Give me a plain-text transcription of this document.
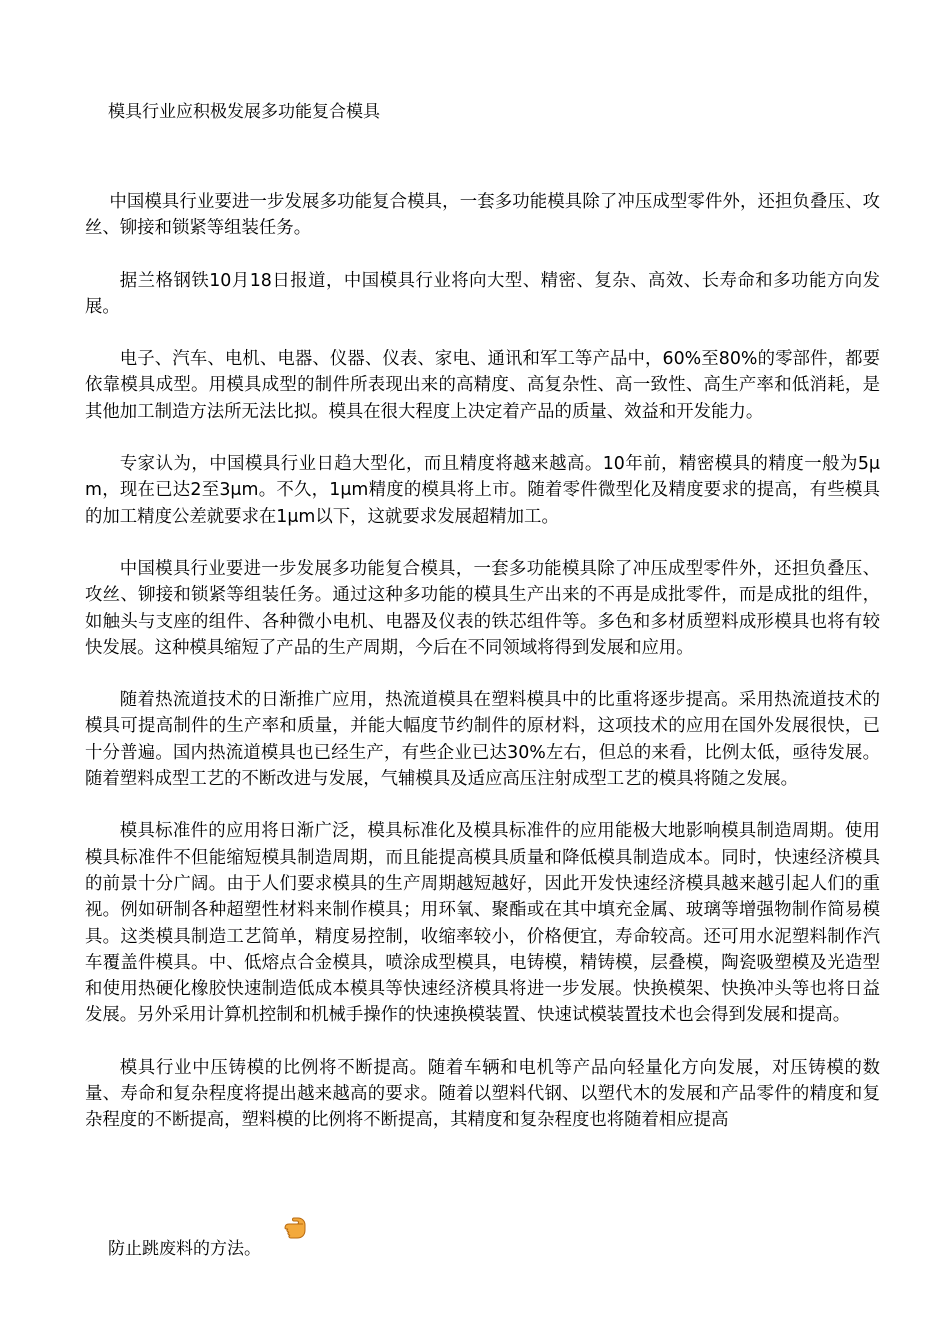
模具行业应积极发展多功能复合模具

中国模具行业要进一步发展多功能复合模具，一套多功能模具除了冲压成型零件外，还担负叠压、攻丝、铆接和锁紧等组装任务。

据兰格钢铁10月18日报道，中国模具行业将向大型、精密、复杂、高效、长寿命和多功能方向发展。

电子、汽车、电机、电器、仪器、仪表、家电、通讯和军工等产品中，60%至80%的零部件，都要依靠模具成型。用模具成型的制件所表现出来的高精度、高复杂性、高一致性、高生产率和低消耗，是其他加工制造方法所无法比拟。模具在很大程度上决定着产品的质量、效益和开发能力。

专家认为，中国模具行业日趋大型化，而且精度将越来越高。10年前，精密模具的精度一般为5μm，现在已达2至3μm。不久，1μm精度的模具将上市。随着零件微型化及精度要求的提高，有些模具的加工精度公差就要求在1μm以下，这就要求发展超精加工。

中国模具行业要进一步发展多功能复合模具，一套多功能模具除了冲压成型零件外，还担负叠压、攻丝、铆接和锁紧等组装任务。通过这种多功能的模具生产出来的不再是成批零件，而是成批的组件，如触头与支座的组件、各种微小电机、电器及仪表的铁芯组件等。多色和多材质塑料成形模具也将有较快发展。这种模具缩短了产品的生产周期，今后在不同领域将得到发展和应用。

随着热流道技术的日渐推广应用，热流道模具在塑料模具中的比重将逐步提高。采用热流道技术的模具可提高制件的生产率和质量，并能大幅度节约制件的原材料，这项技术的应用在国外发展很快，已十分普遍。国内热流道模具也已经生产，有些企业已达30%左右，但总的来看，比例太低，亟待发展。随着塑料成型工艺的不断改进与发展，气辅模具及适应高压注射成型工艺的模具将随之发展。

模具标准件的应用将日渐广泛，模具标准化及模具标准件的应用能极大地影响模具制造周期。使用模具标准件不但能缩短模具制造周期，而且能提高模具质量和降低模具制造成本。同时，快速经济模具的前景十分广阔。由于人们要求模具的生产周期越短越好，因此开发快速经济模具越来越引起人们的重视。例如研制各种超塑性材料来制作模具；用环氧、聚酯或在其中填充金属、玻璃等增强物制作简易模具。这类模具制造工艺简单，精度易控制，收缩率较小，价格便宜，寿命较高。还可用水泥塑料制作汽车覆盖件模具。中、低熔点合金模具，喷涂成型模具，电铸模，精铸模，层叠模，陶瓷吸塑模及光造型和使用热硬化橡胶快速制造低成本模具等快速经济模具将进一步发展。快换模架、快换冲头等也将日益发展。另外采用计算机控制和机械手操作的快速换模装置、快速试模装置技术也会得到发展和提高。

模具行业中压铸模的比例将不断提高。随着车辆和电机等产品向轻量化方向发展，对压铸模的数量、寿命和复杂程度将提出越来越高的要求。随着以塑料代钢、以塑代木的发展和产品零件的精度和复杂程度的不断提高，塑料模的比例将不断提高，其精度和复杂程度也将随着相应提高

防止跳废料的方法。
